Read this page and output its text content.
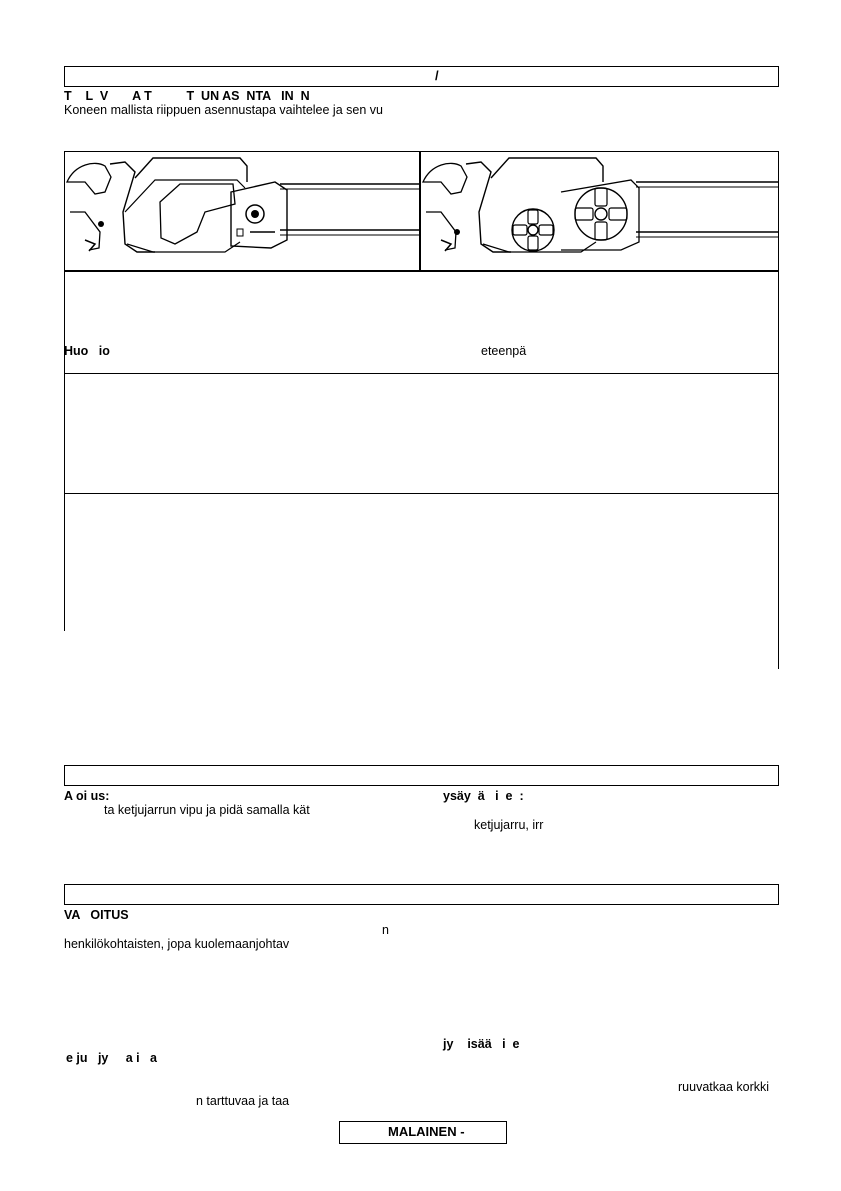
/
T    L  V       A T          T  UN AS  NTA   IN  N
Koneen mallista riippuen asennustapa vaihtelee ja sen vu
Huo   io	eteenpä
A oi us:	ysäy  ä   i  e  :
ta ketjujarrun vipu ja pidä samalla kät
ketjujarru, irr
VA   OITUS
n
henkilökohtaisten, jopa kuolemaanjohtav
jy    isää   i  e
e ju   jy     a i   a
ruuvatkaa korkki
n tarttuvaa ja taa
MALAINEN -
